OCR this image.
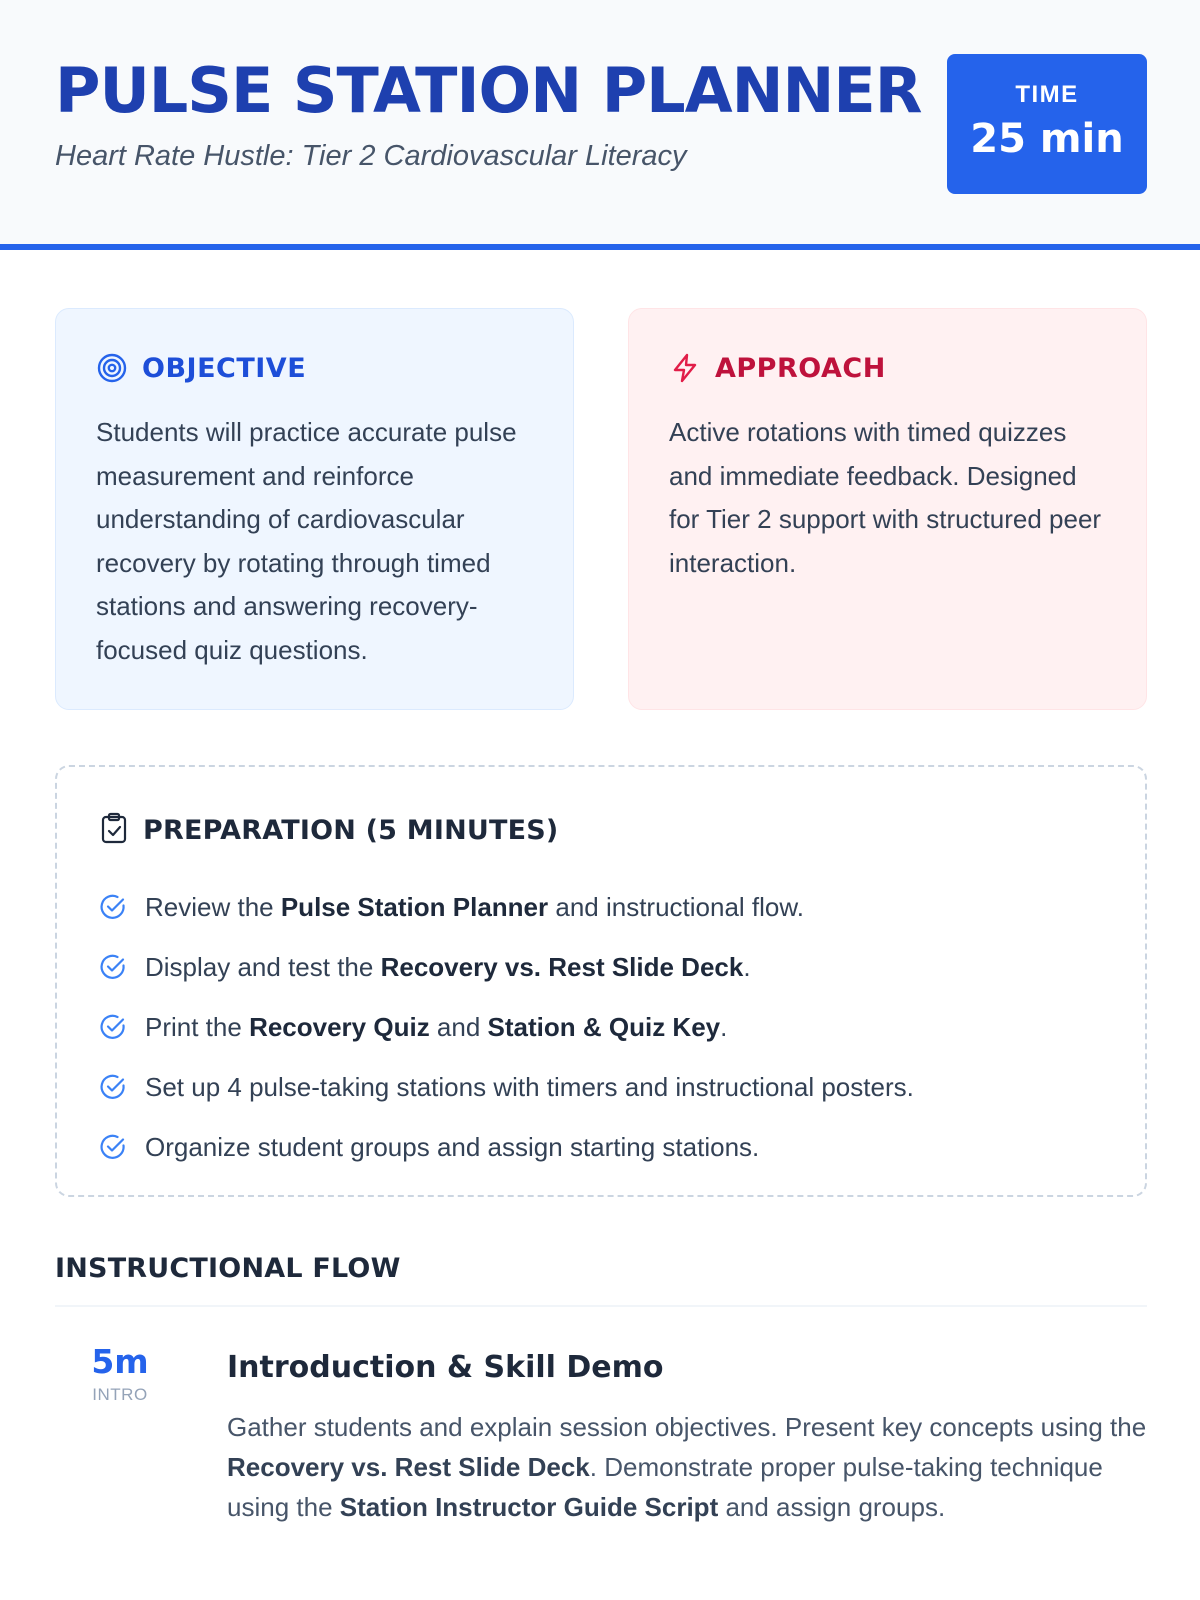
PULSE STATION PLANNER
Heart Rate Hustle: Tier 2 Cardiovascular Literacy
TIME
25 min
OBJECTIVE
Students will practice accurate pulse measurement and reinforce understanding of cardiovascular recovery by rotating through timed stations and answering recovery-focused quiz questions.
APPROACH
Active rotations with timed quizzes and immediate feedback. Designed for Tier 2 support with structured peer interaction.
PREPARATION (5 MINUTES)
Review the Pulse Station Planner and instructional flow.
Display and test the Recovery vs. Rest Slide Deck.
Print the Recovery Quiz and Station & Quiz Key.
Set up 4 pulse-taking stations with timers and instructional posters.
Organize student groups and assign starting stations.
INSTRUCTIONAL FLOW
5m
INTRO
Introduction & Skill Demo
Gather students and explain session objectives. Present key concepts using the Recovery vs. Rest Slide Deck. Demonstrate proper pulse-taking technique using the Station Instructor Guide Script and assign groups.
